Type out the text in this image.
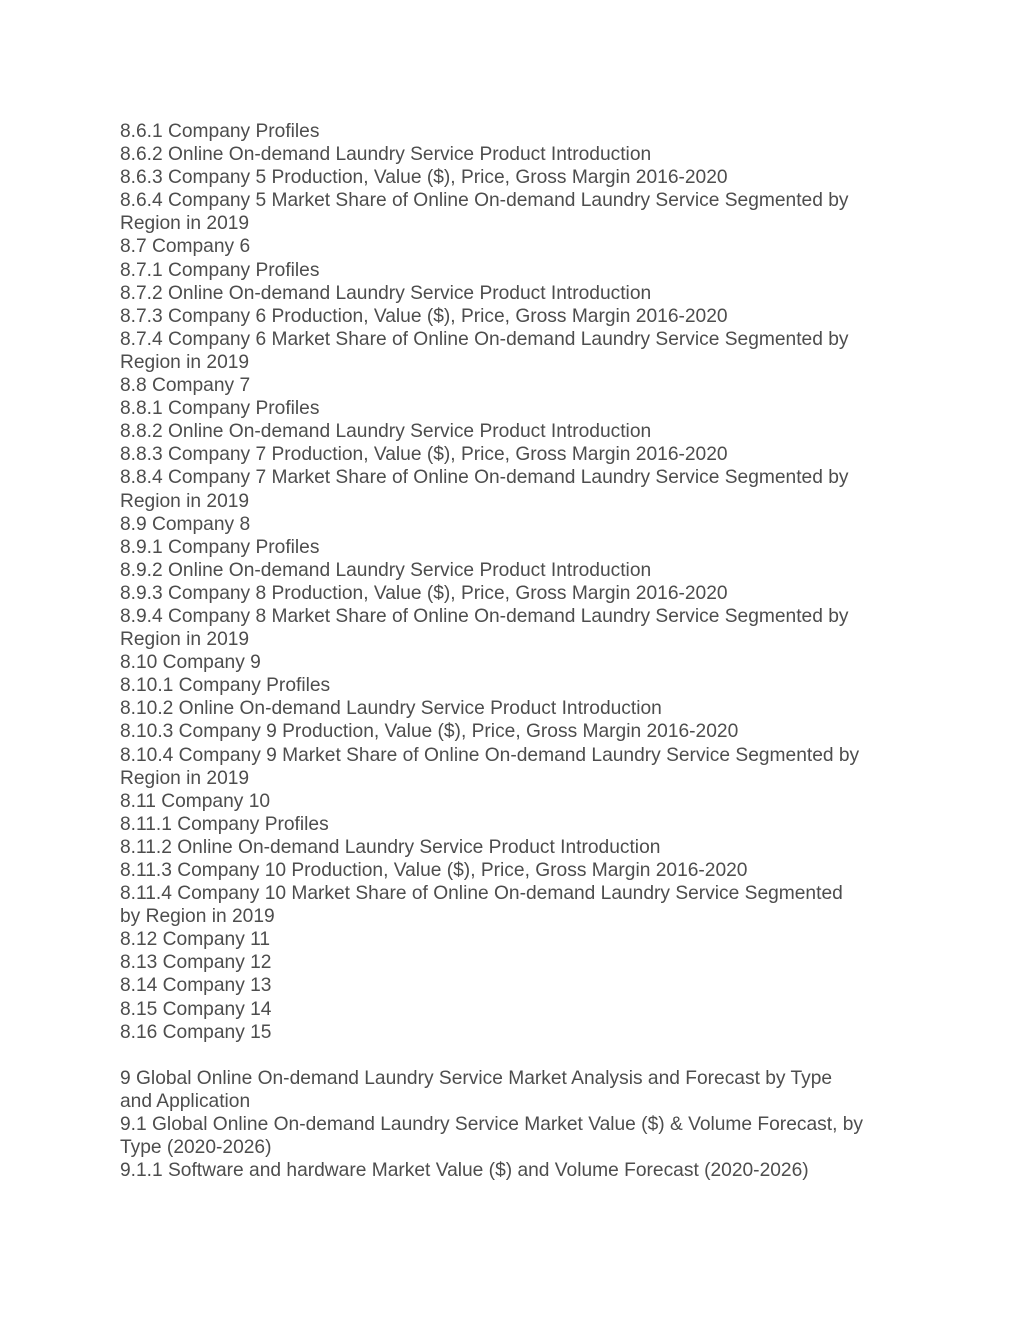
8.6.1 Company Profiles
8.6.2 Online On-demand Laundry Service Product Introduction
8.6.3 Company 5 Production, Value ($), Price, Gross Margin 2016-2020
8.6.4 Company 5 Market Share of Online On-demand Laundry Service Segmented by
Region in 2019
8.7 Company 6
8.7.1 Company Profiles
8.7.2 Online On-demand Laundry Service Product Introduction
8.7.3 Company 6 Production, Value ($), Price, Gross Margin 2016-2020
8.7.4 Company 6 Market Share of Online On-demand Laundry Service Segmented by
Region in 2019
8.8 Company 7
8.8.1 Company Profiles
8.8.2 Online On-demand Laundry Service Product Introduction
8.8.3 Company 7 Production, Value ($), Price, Gross Margin 2016-2020
8.8.4 Company 7 Market Share of Online On-demand Laundry Service Segmented by
Region in 2019
8.9 Company 8
8.9.1 Company Profiles
8.9.2 Online On-demand Laundry Service Product Introduction
8.9.3 Company 8 Production, Value ($), Price, Gross Margin 2016-2020
8.9.4 Company 8 Market Share of Online On-demand Laundry Service Segmented by
Region in 2019
8.10 Company 9
8.10.1 Company Profiles
8.10.2 Online On-demand Laundry Service Product Introduction
8.10.3 Company 9 Production, Value ($), Price, Gross Margin 2016-2020
8.10.4 Company 9 Market Share of Online On-demand Laundry Service Segmented by
Region in 2019
8.11 Company 10
8.11.1 Company Profiles
8.11.2 Online On-demand Laundry Service Product Introduction
8.11.3 Company 10 Production, Value ($), Price, Gross Margin 2016-2020
8.11.4 Company 10 Market Share of Online On-demand Laundry Service Segmented
by Region in 2019
8.12 Company 11
8.13 Company 12
8.14 Company 13
8.15 Company 14
8.16 Company 15
9 Global Online On-demand Laundry Service Market Analysis and Forecast by Type
and Application
9.1 Global Online On-demand Laundry Service Market Value ($) & Volume Forecast, by
Type (2020-2026)
9.1.1 Software and hardware Market Value ($) and Volume Forecast (2020-2026)
